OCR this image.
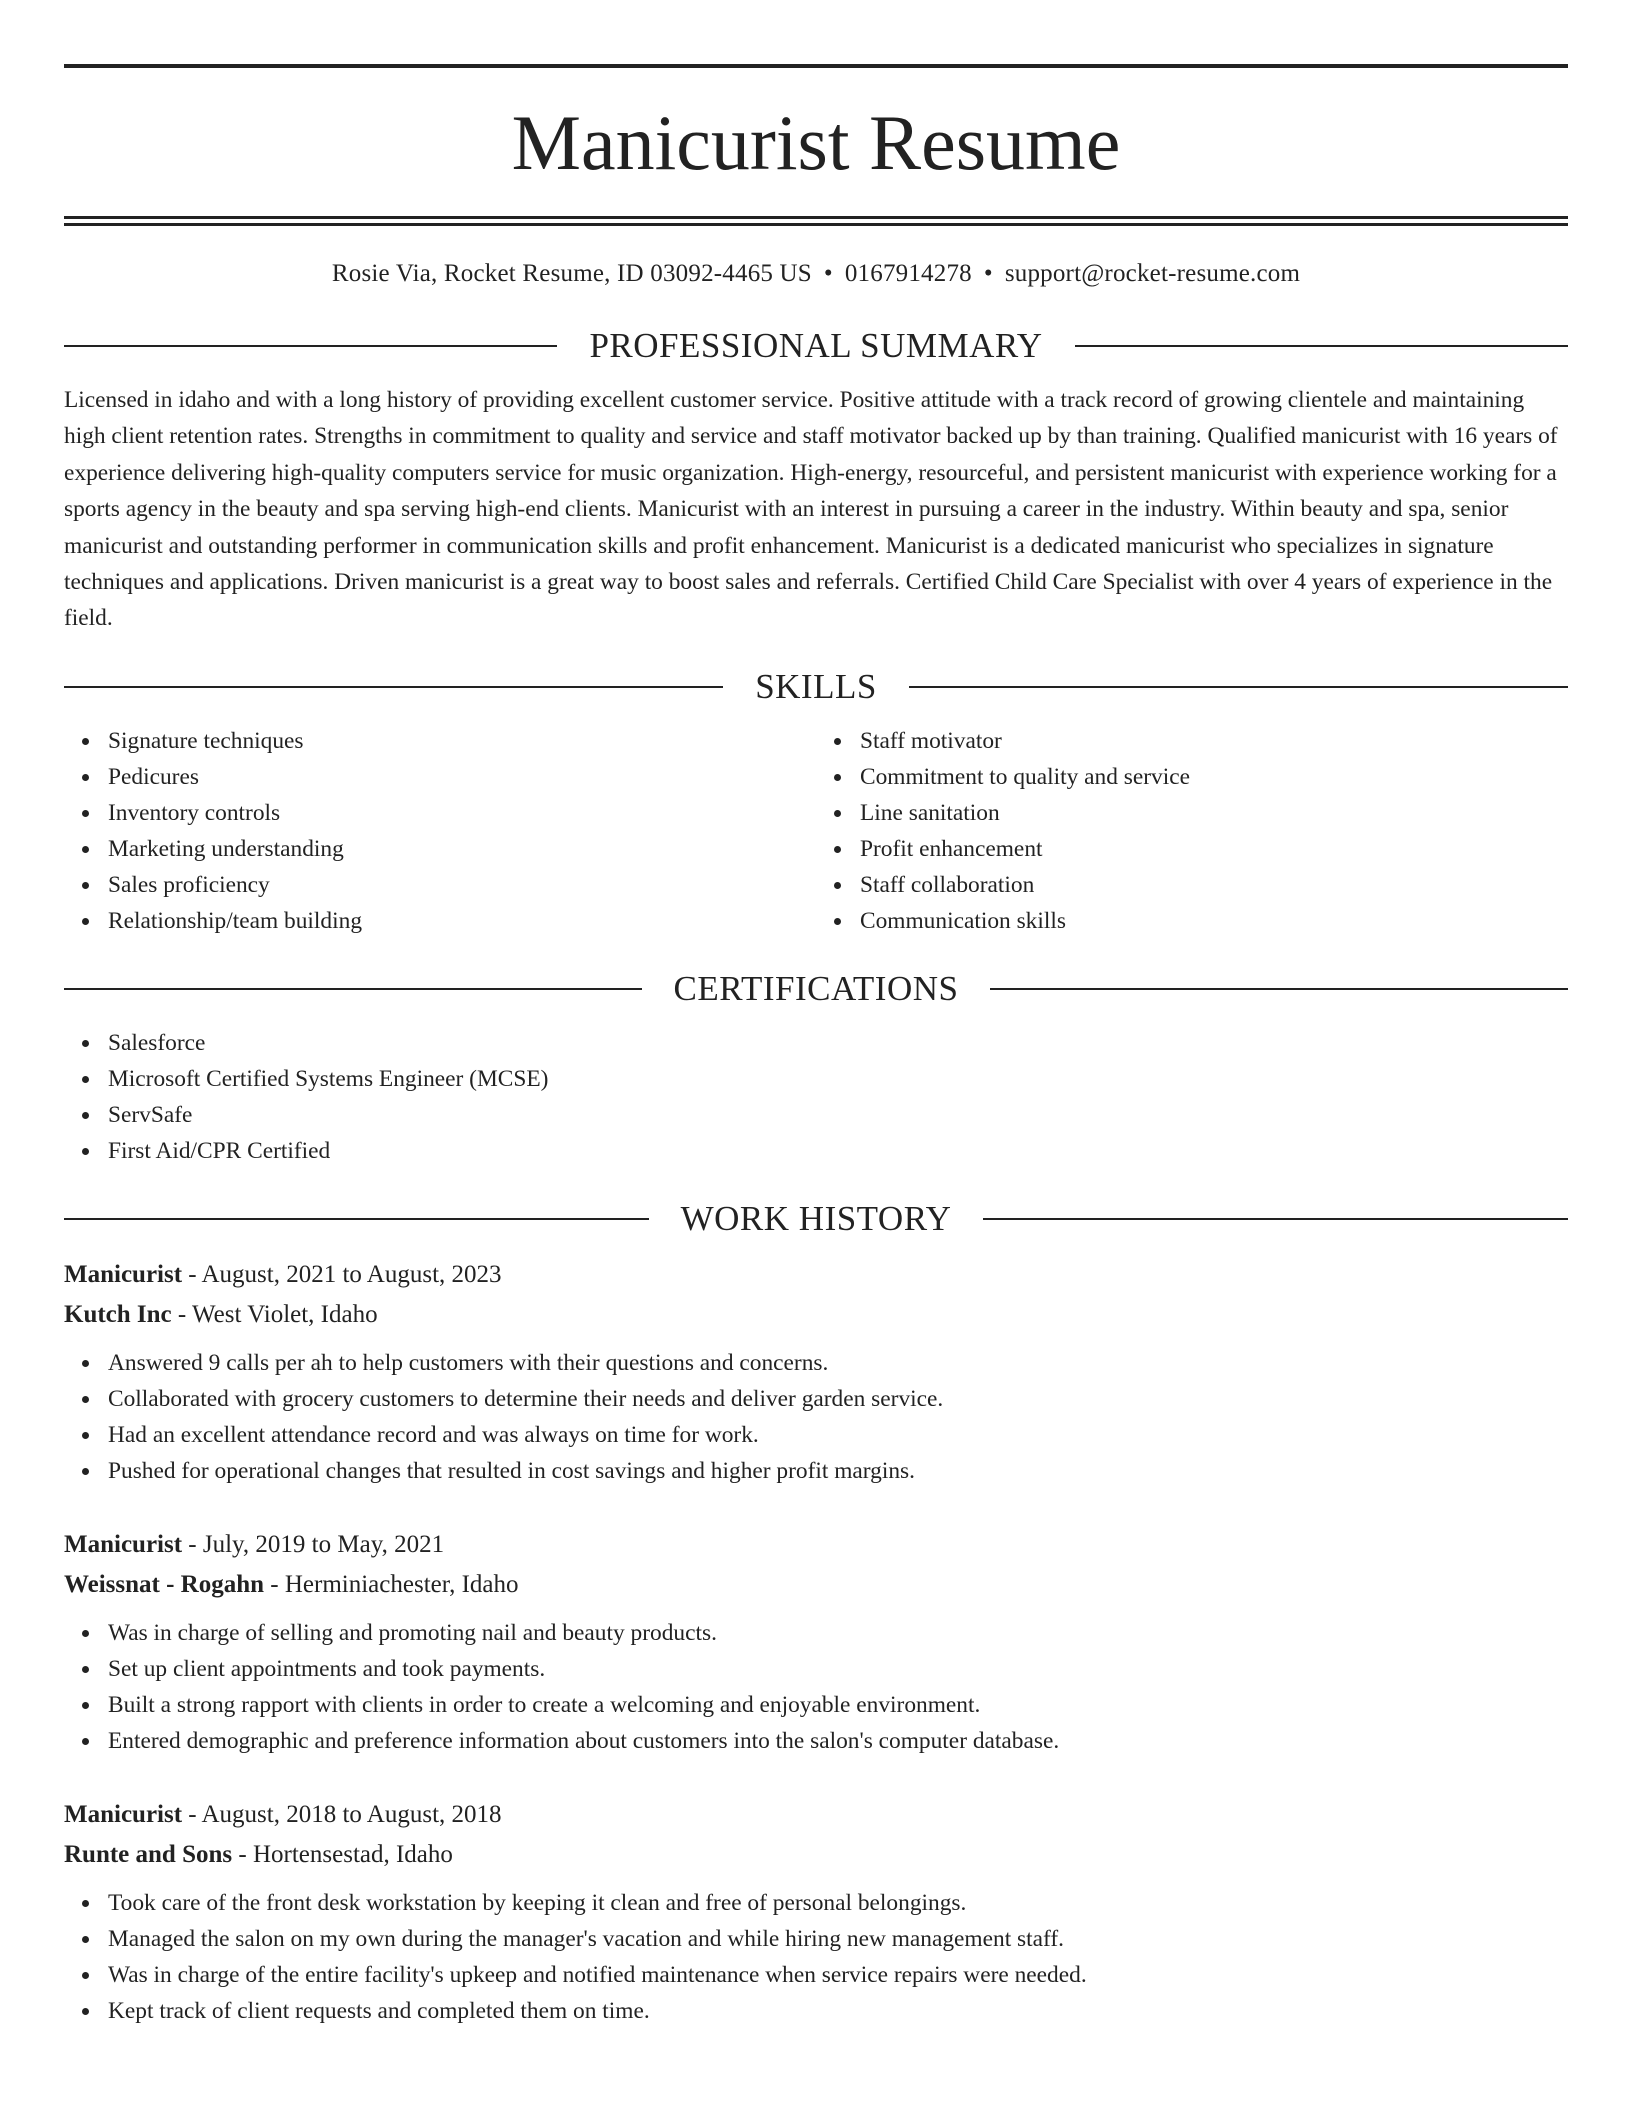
Manicurist Resume
Rosie Via, Rocket Resume, ID 03092-4465 US • 0167914278 • support@rocket-resume.com
PROFESSIONAL SUMMARY

Licensed in idaho and with a long history of providing excellent customer service. Positive attitude with a track record of growing clientele and maintaining high client retention rates. Strengths in commitment to quality and service and staff motivator backed up by than training. Qualified manicurist with 16 years of experience delivering high-quality computers service for music organization. High-energy, resourceful, and persistent manicurist with experience working for a sports agency in the beauty and spa serving high-end clients. Manicurist with an interest in pursuing a career in the industry. Within beauty and spa, senior manicurist and outstanding performer in communication skills and profit enhancement. Manicurist is a dedicated manicurist who specializes in signature techniques and applications. Driven manicurist is a great way to boost sales and referrals. Certified Child Care Specialist with over 4 years of experience in the field.

SKILLS
Signature techniques
Pedicures
Inventory controls
Marketing understanding
Sales proficiency
Relationship/team building
Staff motivator
Commitment to quality and service
Line sanitation
Profit enhancement
Staff collaboration
Communication skills
CERTIFICATIONS
Salesforce
Microsoft Certified Systems Engineer (MCSE)
ServSafe
First Aid/CPR Certified
WORK HISTORY
Manicurist - August, 2021 to August, 2023
Kutch Inc - West Violet, Idaho
Answered 9 calls per ah to help customers with their questions and concerns.
Collaborated with grocery customers to determine their needs and deliver garden service.
Had an excellent attendance record and was always on time for work.
Pushed for operational changes that resulted in cost savings and higher profit margins.
Manicurist - July, 2019 to May, 2021
Weissnat - Rogahn - Herminiachester, Idaho
Was in charge of selling and promoting nail and beauty products.
Set up client appointments and took payments.
Built a strong rapport with clients in order to create a welcoming and enjoyable environment.
Entered demographic and preference information about customers into the salon's computer database.
Manicurist - August, 2018 to August, 2018
Runte and Sons - Hortensestad, Idaho
Took care of the front desk workstation by keeping it clean and free of personal belongings.
Managed the salon on my own during the manager's vacation and while hiring new management staff.
Was in charge of the entire facility's upkeep and notified maintenance when service repairs were needed.
Kept track of client requests and completed them on time.
